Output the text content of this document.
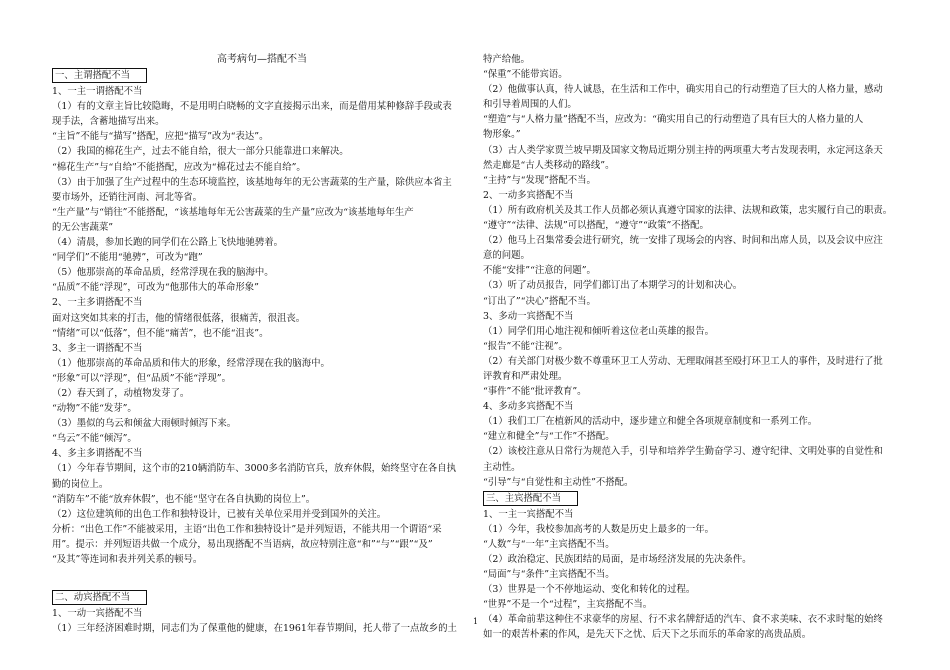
高考病句—搭配不当
一、主谓搭配不当
1、一主一谓搭配不当
（1）有的文章主旨比较隐晦，不是用明白晓畅的文字直接揭示出来，而是借用某种修辞手段或表
现手法，含蓄地描写出来。
“主旨”不能与“描写”搭配，应把“描写”改为“表达”。
（2）我国的棉花生产，过去不能自给，很大一部分只能靠进口来解决。
“棉花生产”与“自给”不能搭配，应改为“棉花过去不能自给”。
（3）由于加强了生产过程中的生态环境监控，该基地每年的无公害蔬菜的生产量，除供应本省主
要市场外，还销往河南、河北等省。
“生产量”与“销往”不能搭配，“该基地每年无公害蔬菜的生产量”应改为“该基地每年生产
的无公害蔬菜”
（4）清晨，参加长跑的同学们在公路上飞快地驰骋着。
“同学们”不能用“驰骋”，可改为“跑”
（5）他那崇高的革命品质，经常浮现在我的脑海中。
“品质”不能“浮现”，可改为“他那伟大的革命形象”
2、一主多谓搭配不当
面对这突如其来的打击，他的情绪很低落，很痛苦，很沮丧。
“情绪”可以“低落”，但不能“痛苦”，也不能“沮丧”。
3、多主一谓搭配不当
（1）他那崇高的革命品质和伟大的形象，经常浮现在我的脑海中。
“形象”可以“浮现”，但“品质”不能“浮现”。
（2）春天到了，动植物发芽了。
“动物”不能“发芽”。
（3）墨似的乌云和倾盆大雨顿时倾泻下来。
“乌云”不能“倾泻”。
4、多主多谓搭配不当
（1）今年春节期间，这个市的210辆消防车、3000多名消防官兵，放弃休假，始终坚守在各自执
勤的岗位上。
“消防车”不能“放弃休假”，也不能“坚守在各自执勤的岗位上”。
（2）这位建筑师的出色工作和独特设计，已被有关单位采用并受到国外的关注。
分析：“出色工作”不能被采用，主语“出色工作和独特设计”是并列短语，不能共用一个谓语“采
用”。提示：并列短语共做一个成分，易出现搭配不当语病，故应特别注意“和”“与”“跟”“及”
“及其”等连词和表并列关系的顿号。
二、动宾搭配不当
1、一动一宾搭配不当
（1）三年经济困难时期，同志们为了保重他的健康，在1961年春节期间，托人带了一点故乡的土
特产给他。
“保重”不能带宾语。
（2）他做事认真，待人诚恳，在生活和工作中，确实用自己的行动塑造了巨大的人格力量，感动
和引导着周围的人们。
“塑造”与“人格力量”搭配不当，应改为：“确实用自己的行动塑造了具有巨大的人格力量的人
物形象。”
（3）古人类学家贾兰坡早期及国家文物局近期分别主持的两项重大考古发现表明，永定河这条天
然走廊是“古人类移动的路线”。
“主持”与“发现”搭配不当。
2、一动多宾搭配不当
（1）所有政府机关及其工作人员都必须认真遵守国家的法律、法规和政策，忠实履行自己的职责。
“遵守”“法律、法规”可以搭配，“遵守”“政策”不搭配。
（2）他马上召集常委会进行研究，统一安排了现场会的内容、时间和出席人员，以及会议中应注
意的问题。
不能“安排”“注意的问题”。
（3）听了动员报告，同学们都订出了本期学习的计划和决心。
“订出了”“决心”搭配不当。
3、多动一宾搭配不当
（1）同学们用心地注视和倾听着这位老山英雄的报告。
“报告”不能“注视”。
（2）有关部门对极少数不尊重环卫工人劳动、无理取闹甚至殴打环卫工人的事件，及时进行了批
评教育和严肃处理。
“事件”不能“批评教育”。
4、多动多宾搭配不当
（1）我们工厂在植新风的活动中，逐步建立和健全各项规章制度和一系列工作。
“建立和健全”与“工作”不搭配。
（2）该校注意从日常行为规范入手，引导和培养学生勤奋学习、遵守纪律、文明处事的自觉性和
主动性。
“引导”与“自觉性和主动性”不搭配。
三、主宾搭配不当
1、一主一宾搭配不当
（1）今年，我校参加高考的人数是历史上最多的一年。
“人数”与“一年”主宾搭配不当。
（2）政治稳定、民族团结的局面，是市场经济发展的先决条件。
“局面”与“条件”主宾搭配不当。
（3）世界是一个不停地运动、变化和转化的过程。
“世界”不是一个“过程”，主宾搭配不当。
（4）革命前辈这种住不求豪华的房屋、行不求名牌舒适的汽车、食不求美味、衣不求时髦的始终
如一的艰苦朴素的作风，是先天下之忧、后天下之乐而乐的革命家的高贵品质。
1
